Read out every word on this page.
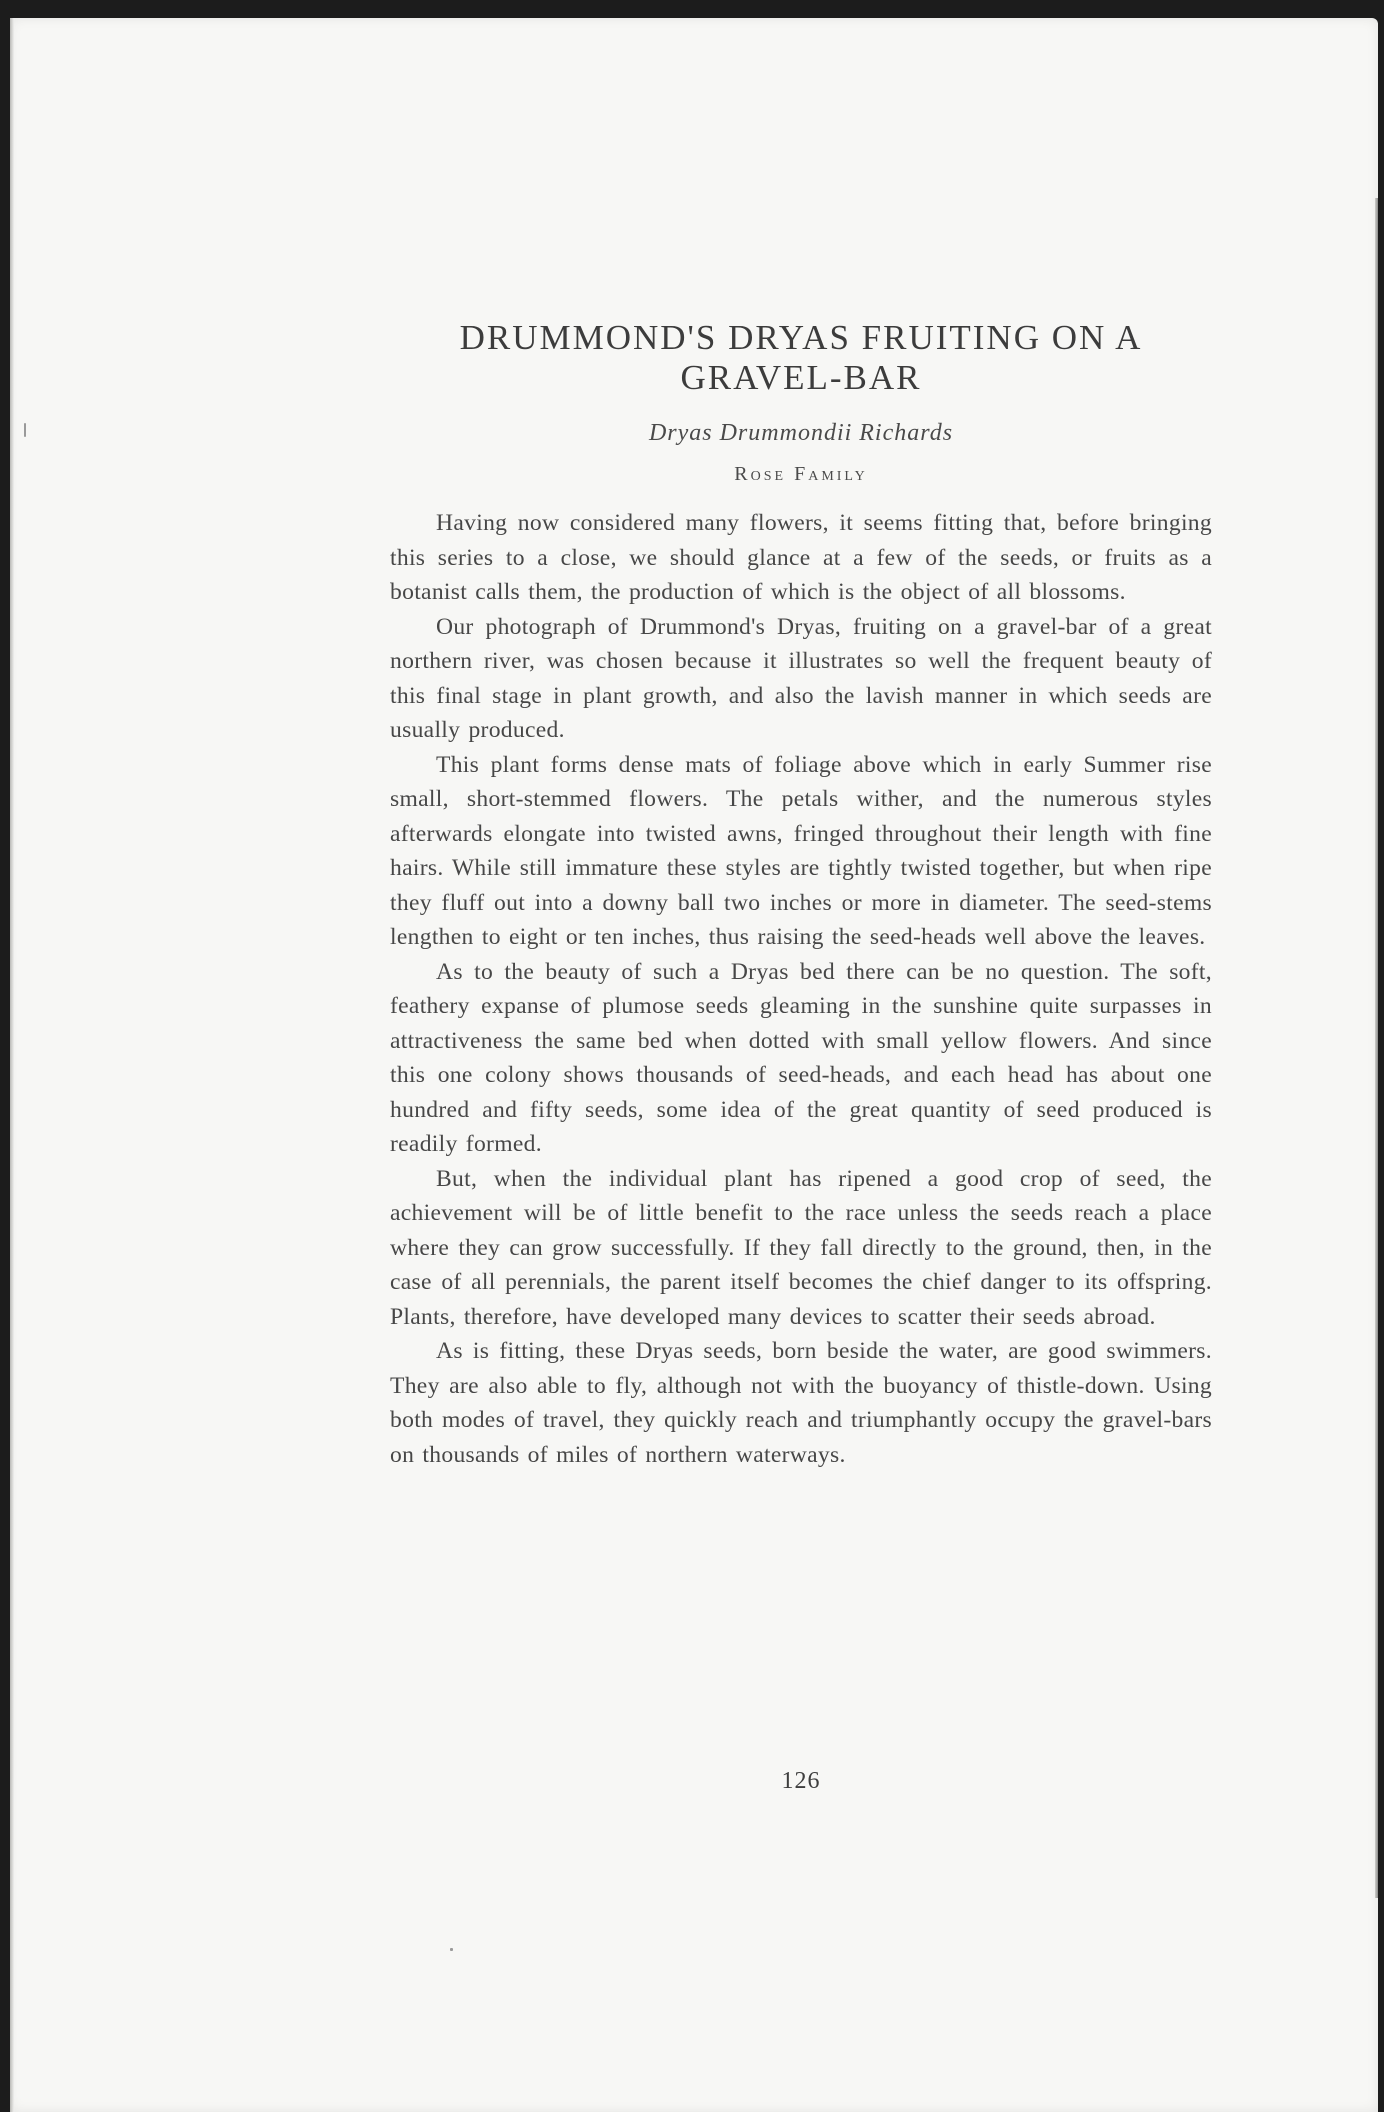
DRUMMOND'S DRYAS FRUITING ON A
GRAVEL-BAR
Dryas Drummondii Richards
Rose Family

Having now considered many flowers, it seems fitting that, before bringing this series to a close, we should glance at a few of the seeds, or fruits as a botanist calls them, the production of which is the object of all blossoms.

Our photograph of Drummond's Dryas, fruiting on a gravel-bar of a great northern river, was chosen because it illustrates so well the frequent beauty of this final stage in plant growth, and also the lavish manner in which seeds are usually produced.

This plant forms dense mats of foliage above which in early Summer rise small, short-stemmed flowers. The petals wither, and the numerous styles afterwards elongate into twisted awns, fringed throughout their length with fine hairs. While still immature these styles are tightly twisted together, but when ripe they fluff out into a downy ball two inches or more in diameter. The seed-stems lengthen to eight or ten inches, thus raising the seed-heads well above the leaves.

As to the beauty of such a Dryas bed there can be no question. The soft, feathery expanse of plumose seeds gleaming in the sunshine quite surpasses in attractiveness the same bed when dotted with small yellow flowers. And since this one colony shows thousands of seed-heads, and each head has about one hundred and fifty seeds, some idea of the great quantity of seed produced is readily formed.

But, when the individual plant has ripened a good crop of seed, the achievement will be of little benefit to the race unless the seeds reach a place where they can grow successfully. If they fall directly to the ground, then, in the case of all perennials, the parent itself becomes the chief danger to its offspring. Plants, therefore, have developed many devices to scatter their seeds abroad.

As is fitting, these Dryas seeds, born beside the water, are good swimmers. They are also able to fly, although not with the buoyancy of thistle-down. Using both modes of travel, they quickly reach and triumphantly occupy the gravel-bars on thousands of miles of northern waterways.

126
